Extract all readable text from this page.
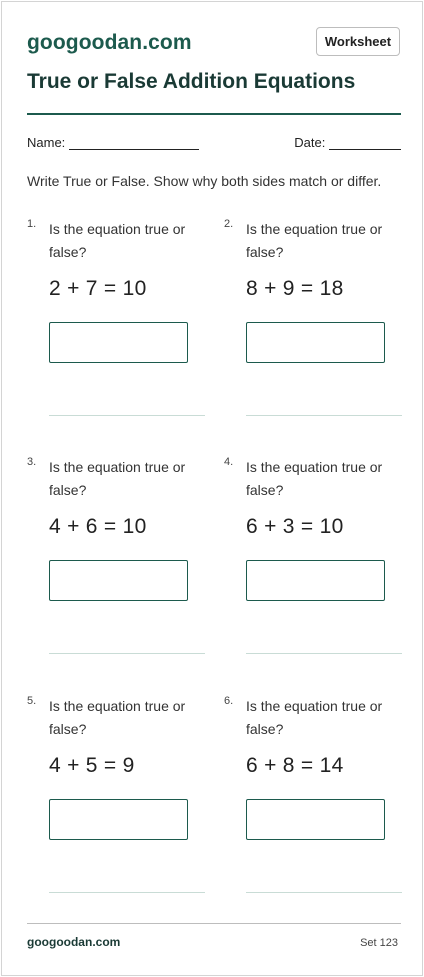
googoodan.com	Worksheet
True or False Addition Equations
Name:	Date:
Write True or False. Show why both sides match or differ.
1. Is the equation true or false?
2 + 7 = 10
2. Is the equation true or false?
8 + 9 = 18
3. Is the equation true or false?
4 + 6 = 10
4. Is the equation true or false?
6 + 3 = 10
5. Is the equation true or false?
4 + 5 = 9
6. Is the equation true or false?
6 + 8 = 14
googoodan.com	Set 123
